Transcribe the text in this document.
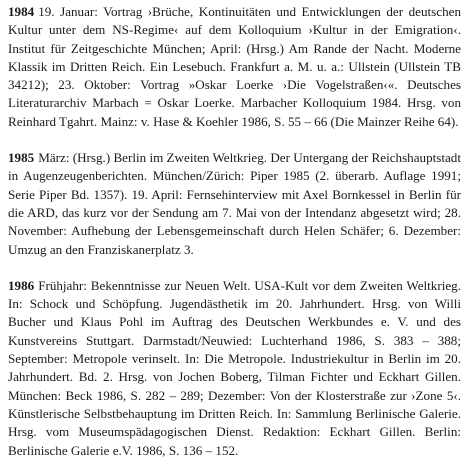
1984 19. Januar: Vortrag ›Brüche, Kontinuitäten und Entwicklungen der deutschen Kultur unter dem NS-Regime‹ auf dem Kolloquium ›Kultur in der Emigration‹. Institut für Zeitgeschichte München; April: (Hrsg.) Am Rande der Nacht. Moderne Klassik im Dritten Reich. Ein Lesebuch. Frankfurt a. M. u. a.: Ullstein (Ullstein TB 34212); 23. Oktober: Vortrag »Oskar Loerke ›Die Vogelstraßen‹«. Deutsches Literaturarchiv Marbach = Oskar Loerke. Marbacher Kolloquium 1984. Hrsg. von Reinhard Tgahrt. Mainz: v. Hase & Koehler 1986, S. 55 – 66 (Die Mainzer Reihe 64).

1985 März: (Hrsg.) Berlin im Zweiten Weltkrieg. Der Untergang der Reichshauptstadt in Augenzeugenberichten. München/Zürich: Piper 1985 (2. überarb. Auflage 1991; Serie Piper Bd. 1357). 19. April: Fernsehinterview mit Axel Bornkessel in Berlin für die ARD, das kurz vor der Sendung am 7. Mai von der Intendanz abgesetzt wird; 28. November: Aufhebung der Lebensgemeinschaft durch Helen Schäfer; 6. Dezember: Umzug an den Franziskanerplatz 3.

1986 Frühjahr: Bekenntnisse zur Neuen Welt. USA-Kult vor dem Zweiten Weltkrieg. In: Schock und Schöpfung. Jugendästhetik im 20. Jahrhundert. Hrsg. von Willi Bucher und Klaus Pohl im Auftrag des Deutschen Werkbundes e. V. und des Kunstvereins Stuttgart. Darmstadt/Neuwied: Luchterhand 1986, S. 383 – 388; September: Metropole verinselt. In: Die Metropole. Industriekultur in Berlin im 20. Jahrhundert. Bd. 2. Hrsg. von Jochen Boberg, Tilman Fichter und Eckhart Gillen. München: Beck 1986, S. 282 – 289; Dezember: Von der Klosterstraße zur ›Zone 5‹. Künstlerische Selbstbehauptung im Dritten Reich. In: Sammlung Berlinische Galerie. Hrsg. vom Museumspädagogischen Dienst. Redaktion: Eckhart Gillen. Berlin: Berlinische Galerie e.V. 1986, S. 136 – 152.
